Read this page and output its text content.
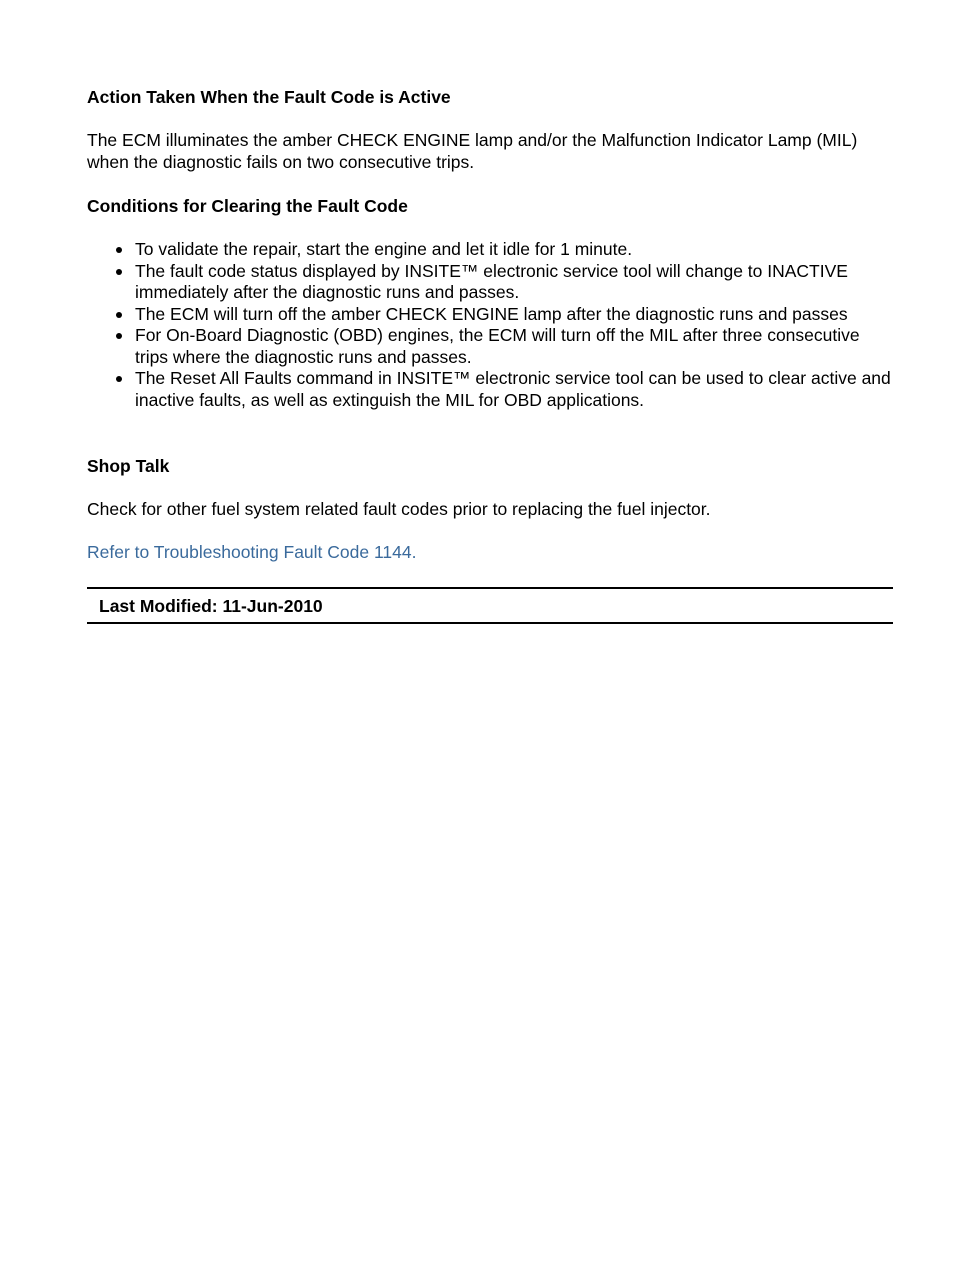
Action Taken When the Fault Code is Active

The ECM illuminates the amber CHECK ENGINE lamp and/or the Malfunction Indicator Lamp (MIL) when the diagnostic fails on two consecutive trips.

Conditions for Clearing the Fault Code
To validate the repair, start the engine and let it idle for 1 minute.
The fault code status displayed by INSITE™ electronic service tool will change to INACTIVE immediately after the diagnostic runs and passes.
The ECM will turn off the amber CHECK ENGINE lamp after the diagnostic runs and passes
For On-Board Diagnostic (OBD) engines, the ECM will turn off the MIL after three consecutive trips where the diagnostic runs and passes.
The Reset All Faults command in INSITE™ electronic service tool can be used to clear active and inactive faults, as well as extinguish the MIL for OBD applications.
Shop Talk

Check for other fuel system related fault codes prior to replacing the fuel injector.

Refer to Troubleshooting Fault Code 1144.

Last Modified: 11-Jun-2010
